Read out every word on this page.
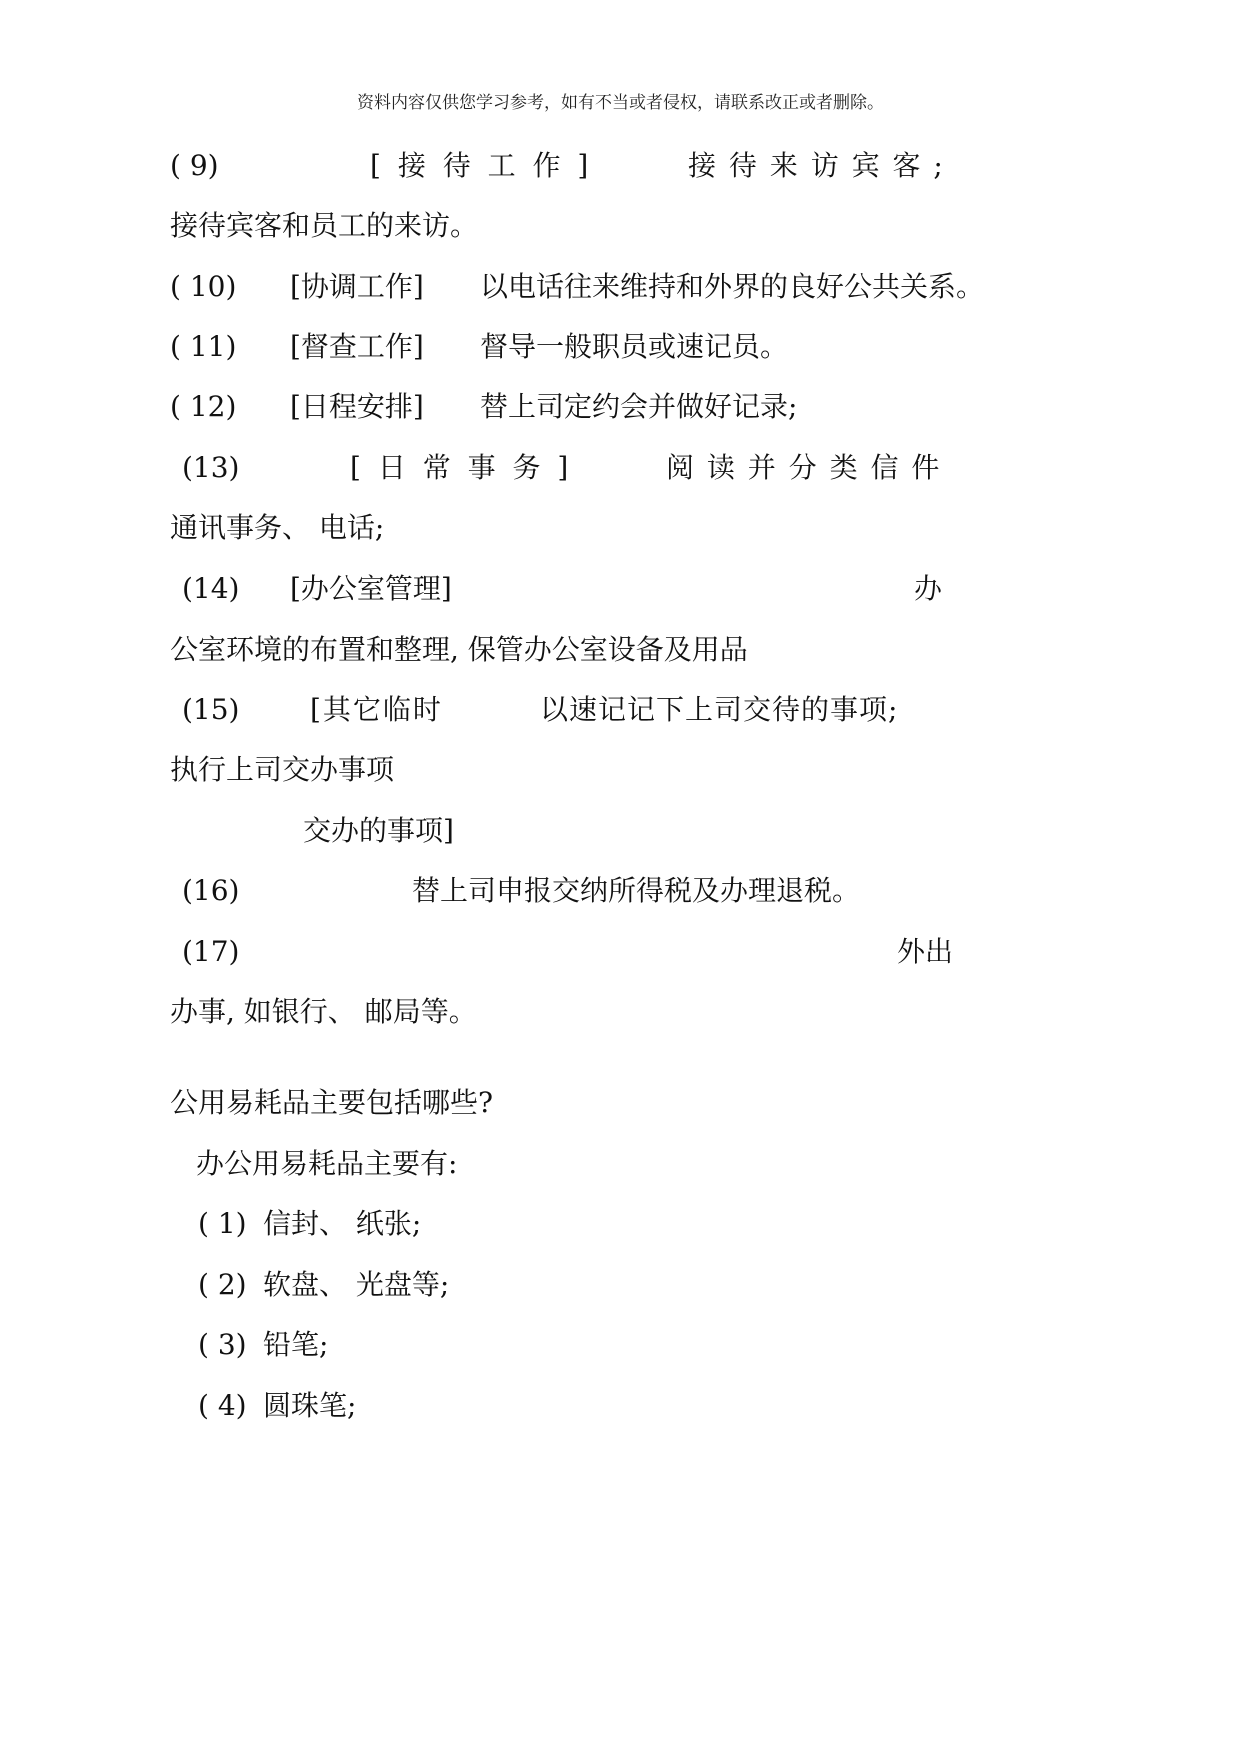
资料内容仅供您学习参考，如有不当或者侵权，请联系改正或者删除。
( 9)	[ 接 待 工 作 ]	接 待 来 访 宾 客 ;
接待宾客和员工的来访。
( 10) [协调工作] 以电话往来维持和外界的良好公共关系。
( 11) [督查工作] 督导一般职员或速记员。
( 12) [日程安排] 替上司定约会并做好记录;
(13)	[ 日 常 事 务 ]	阅 读 并 分 类 信 件
通讯事务、 电话;
(14) [办公室管理]	办
公室环境的布置和整理, 保管办公室设备及用品
(15)	[其它临时	以速记记下上司交待的事项;
执行上司交办事项
交办的事项]
(16)	替上司申报交纳所得税及办理退税。
(17)	外出
办事, 如银行、 邮局等。
公用易耗品主要包括哪些?
办公用易耗品主要有:
( 1) 信封、 纸张;
( 2) 软盘、 光盘等;
( 3) 铅笔;
( 4) 圆珠笔;
